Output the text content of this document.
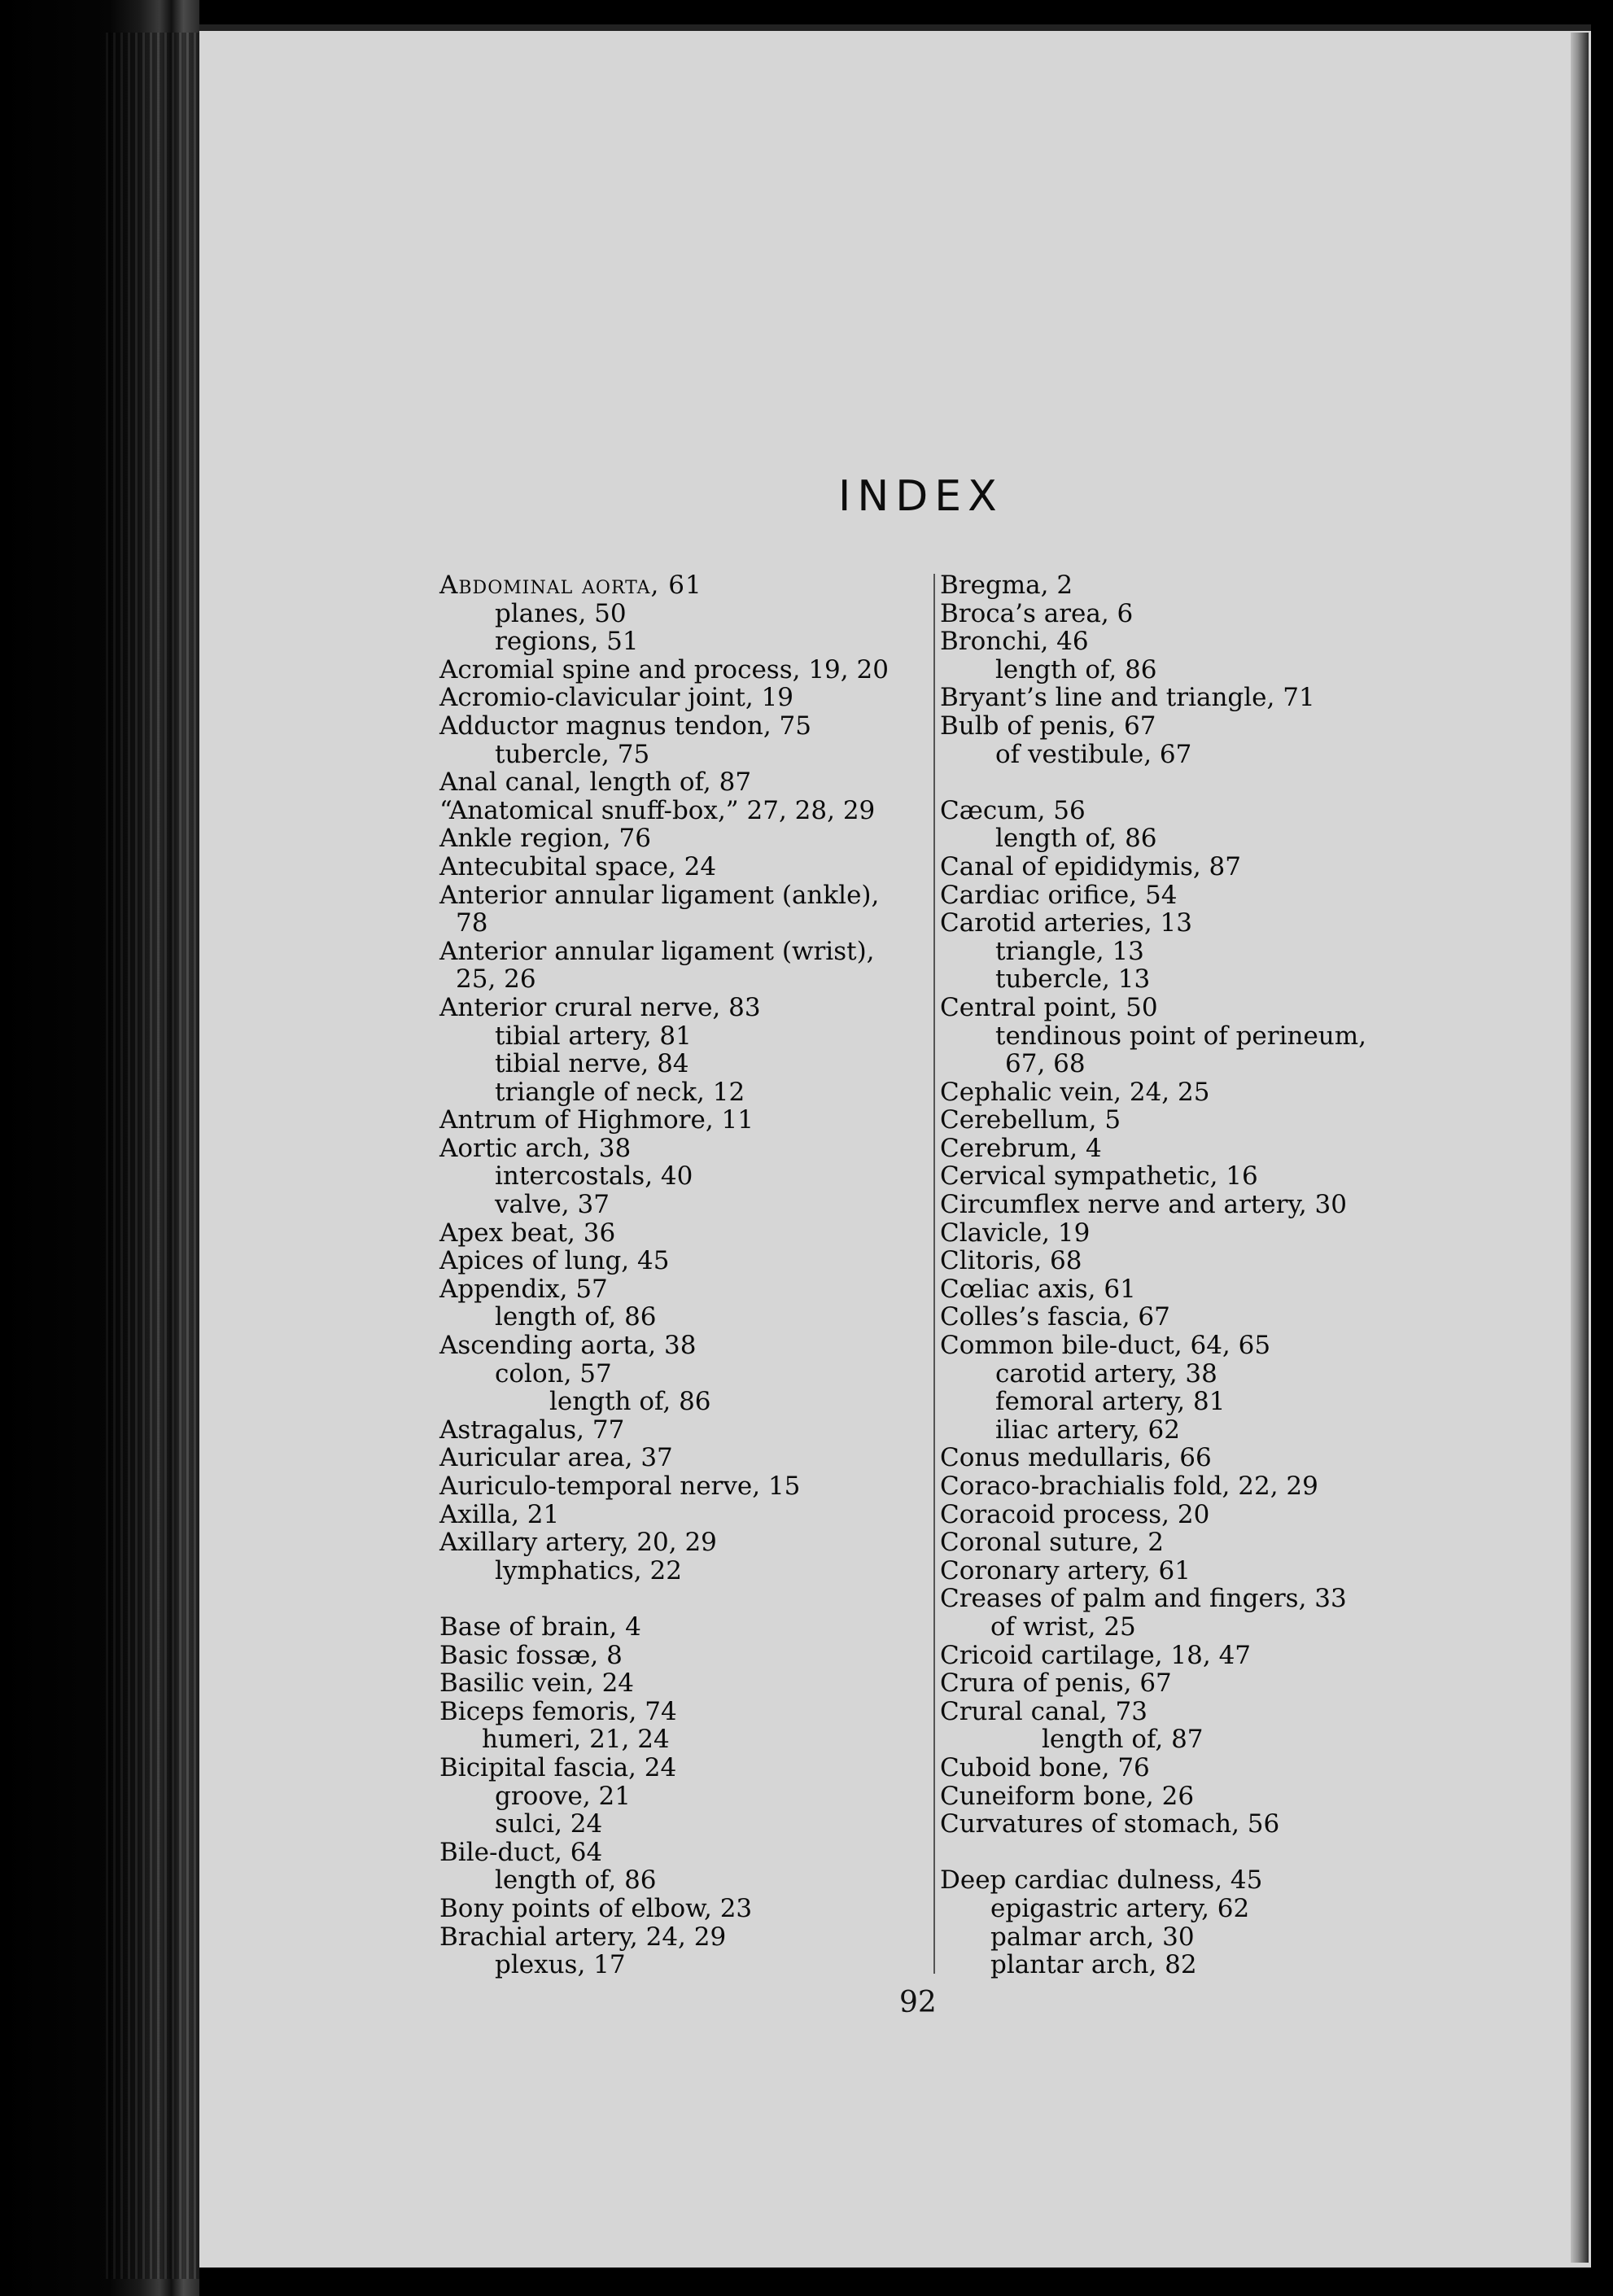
INDEX
Abdominal aorta, 61
planes, 50
regions, 51
Acromial spine and process, 19, 20
Acromio-clavicular joint, 19
Adductor magnus tendon, 75
tubercle, 75
Anal canal, length of, 87
“Anatomical snuff-box,” 27, 28, 29
Ankle region, 76
Antecubital space, 24
Anterior annular ligament (ankle),
78
Anterior annular ligament (wrist),
25, 26
Anterior crural nerve, 83
tibial artery, 81
tibial nerve, 84
triangle of neck, 12
Antrum of Highmore, 11
Aortic arch, 38
intercostals, 40
valve, 37
Apex beat, 36
Apices of lung, 45
Appendix, 57
length of, 86
Ascending aorta, 38
colon, 57
length of, 86
Astragalus, 77
Auricular area, 37
Auriculo-temporal nerve, 15
Axilla, 21
Axillary artery, 20, 29
lymphatics, 22
Base of brain, 4
Basic fossæ, 8
Basilic vein, 24
Biceps femoris, 74
humeri, 21, 24
Bicipital fascia, 24
groove, 21
sulci, 24
Bile-duct, 64
length of, 86
Bony points of elbow, 23
Brachial artery, 24, 29
plexus, 17
Bregma, 2
Broca’s area, 6
Bronchi, 46
length of, 86
Bryant’s line and triangle, 71
Bulb of penis, 67
of vestibule, 67
Cæcum, 56
length of, 86
Canal of epididymis, 87
Cardiac orifice, 54
Carotid arteries, 13
triangle, 13
tubercle, 13
Central point, 50
tendinous point of perineum,
67, 68
Cephalic vein, 24, 25
Cerebellum, 5
Cerebrum, 4
Cervical sympathetic, 16
Circumflex nerve and artery, 30
Clavicle, 19
Clitoris, 68
Cœliac axis, 61
Colles’s fascia, 67
Common bile-duct, 64, 65
carotid artery, 38
femoral artery, 81
iliac artery, 62
Conus medullaris, 66
Coraco-brachialis fold, 22, 29
Coracoid process, 20
Coronal suture, 2
Coronary artery, 61
Creases of palm and fingers, 33
of wrist, 25
Cricoid cartilage, 18, 47
Crura of penis, 67
Crural canal, 73
length of, 87
Cuboid bone, 76
Cuneiform bone, 26
Curvatures of stomach, 56
Deep cardiac dulness, 45
epigastric artery, 62
palmar arch, 30
plantar arch, 82
92
